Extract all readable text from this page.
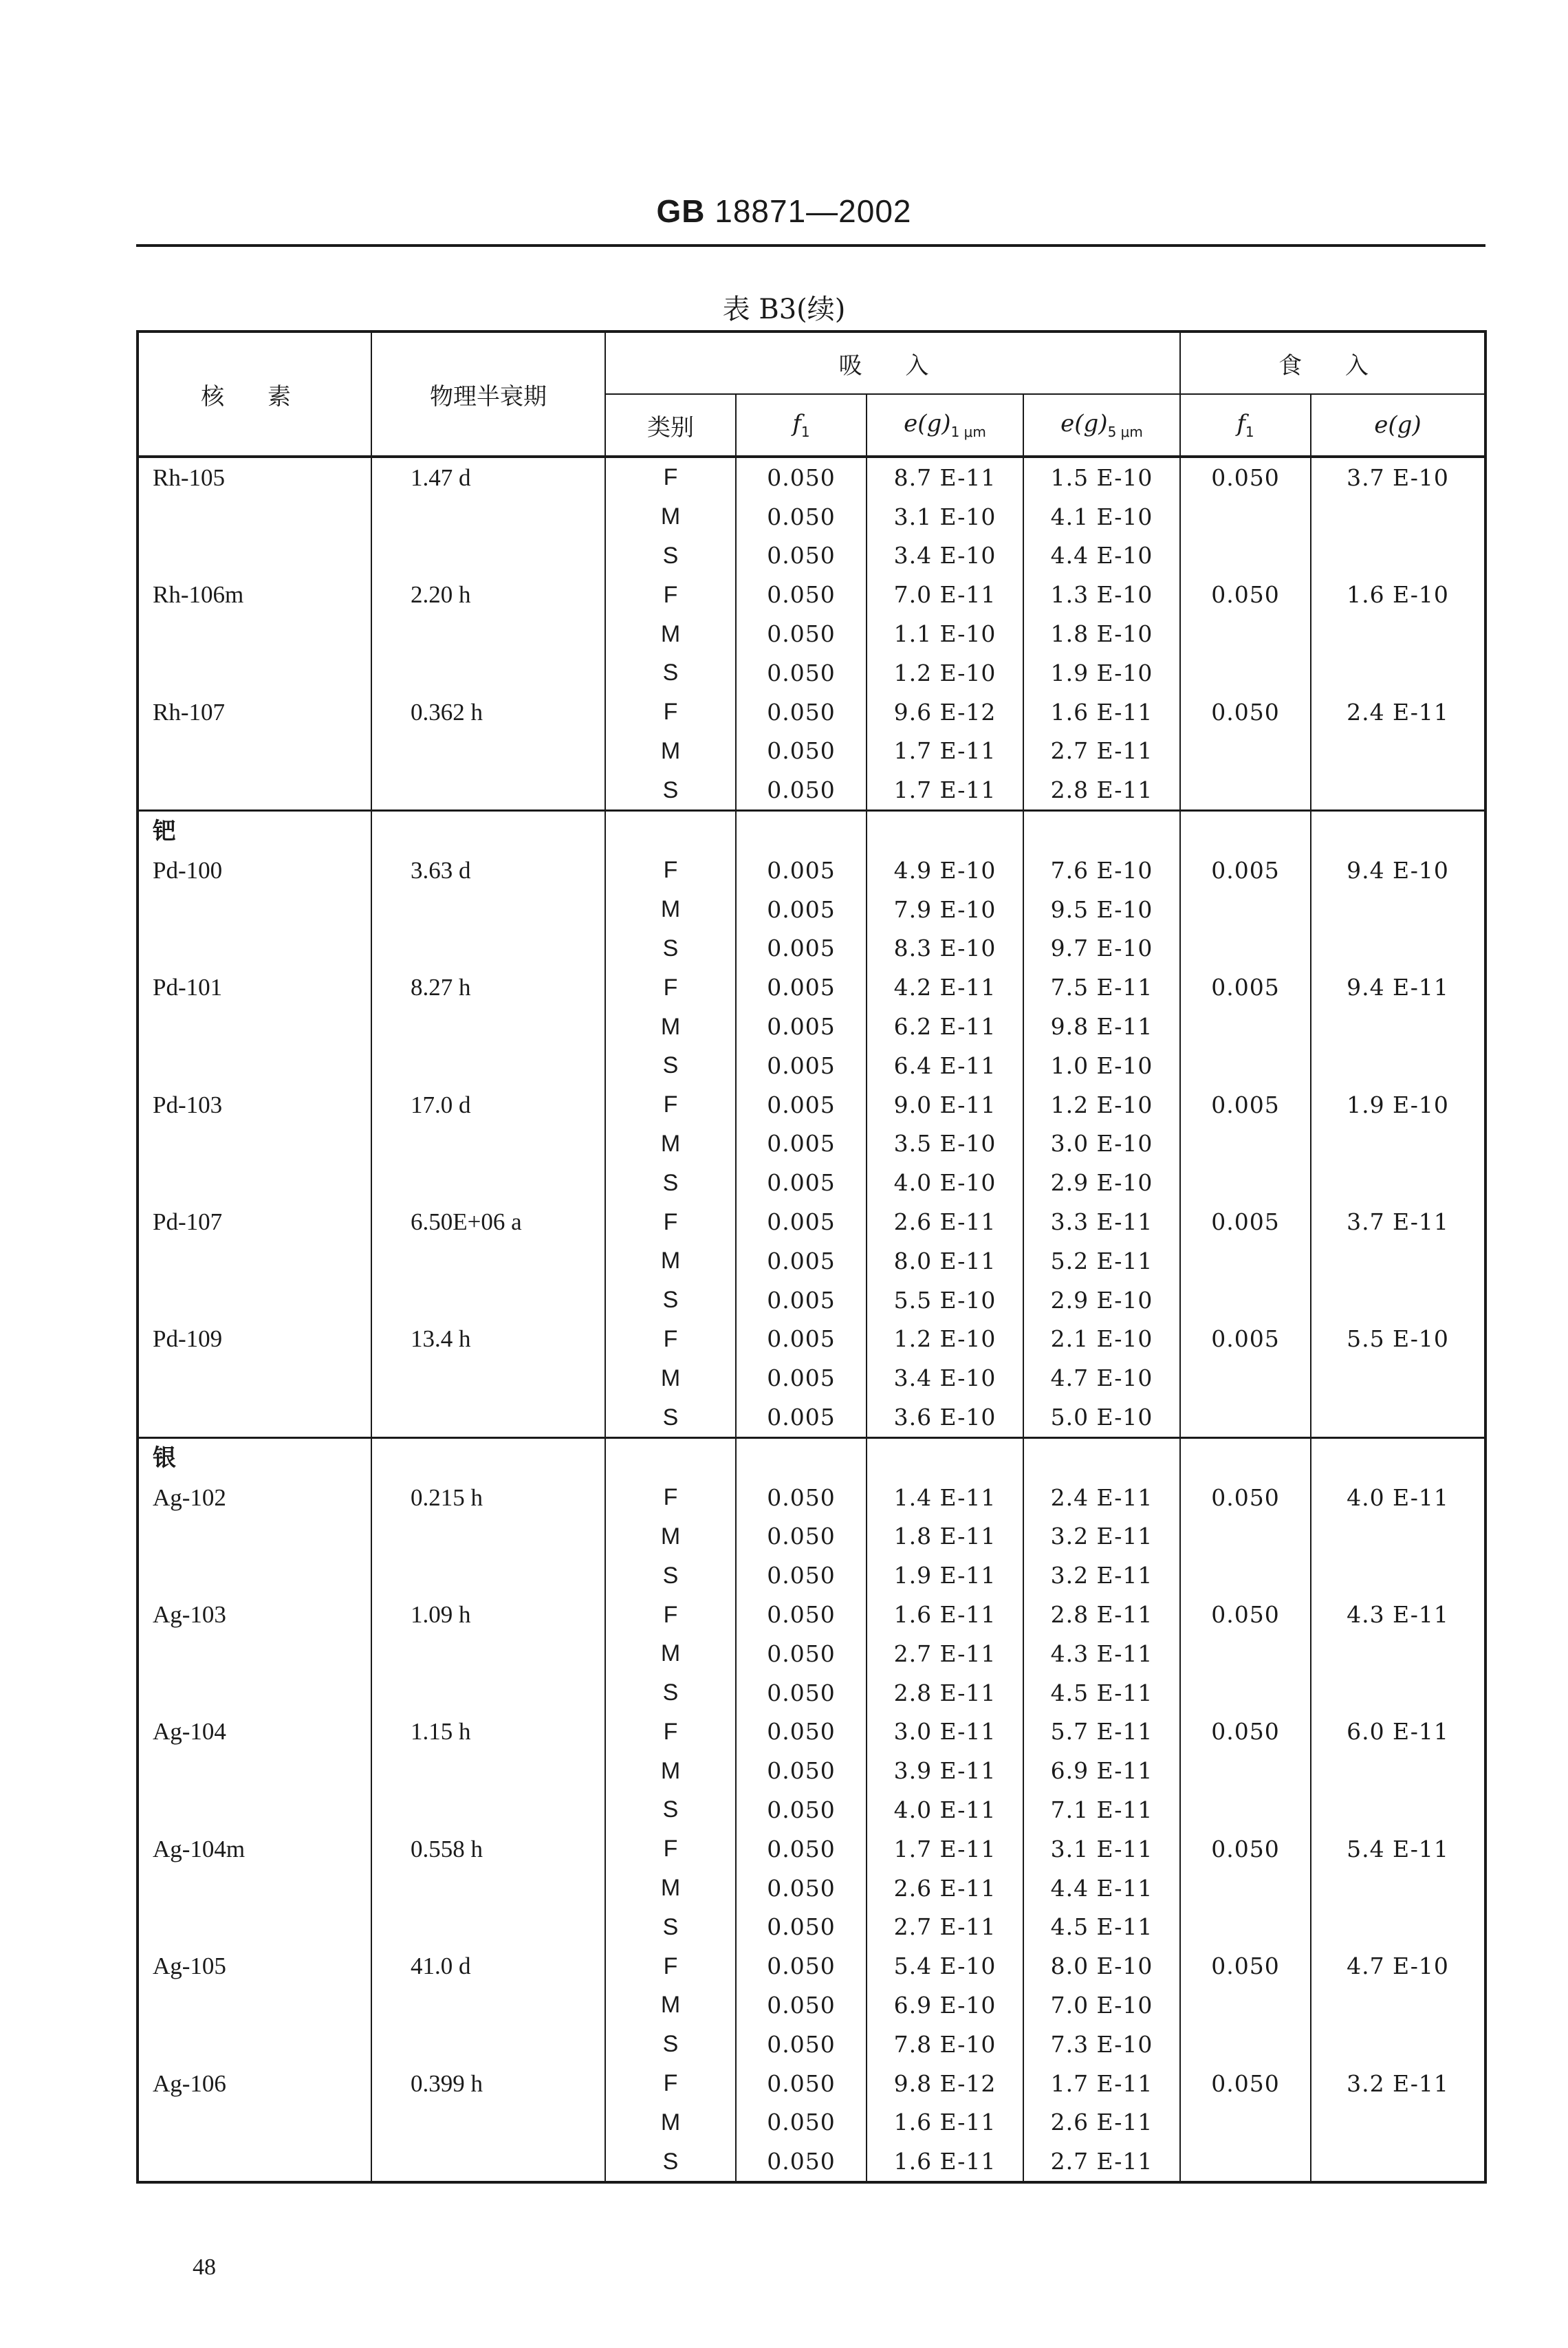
GB 18871—2002
表 B3(续)
核 素	物理半衰期	吸 入				食 入	
		类别	$f_1$	$e(g)_{1 \mu m}$	$e(g)_{5 \mu m}$	$f_1$	e(g)
Rh-105	1.47 d	F	0.050	8.7 E-11	1.5 E-10	0.050	3.7 E-10
		M	0.050	3.1 E-10	4.1 E-10		
		S	0.050	3.4 E-10	4.4 E-10		
Rh-106m	2.20 h	F	0.050	7.0 E-11	1.3 E-10	0.050	1.6 E-10
		M	0.050	1.1 E-10	1.8 E-10		
		S	0.050	1.2 E-10	1.9 E-10		
Rh-107	0.362 h	F	0.050	9.6 E-12	1.6 E-11	0.050	2.4 E-11
		M	0.050	1.7 E-11	2.7 E-11		
		S	0.050	1.7 E-11	2.8 E-11		
钯							
Pd-100	3.63 d	F	0.005	4.9 E-10	7.6 E-10	0.005	9.4 E-10
		M	0.005	7.9 E-10	9.5 E-10		
		S	0.005	8.3 E-10	9.7 E-10		
Pd-101	8.27 h	F	0.005	4.2 E-11	7.5 E-11	0.005	9.4 E-11
		M	0.005	6.2 E-11	9.8 E-11		
		S	0.005	6.4 E-11	1.0 E-10		
Pd-103	17.0 d	F	0.005	9.0 E-11	1.2 E-10	0.005	1.9 E-10
		M	0.005	3.5 E-10	3.0 E-10		
		S	0.005	4.0 E-10	2.9 E-10		
Pd-107	6.50E+06 a	F	0.005	2.6 E-11	3.3 E-11	0.005	3.7 E-11
		M	0.005	8.0 E-11	5.2 E-11		
		S	0.005	5.5 E-10	2.9 E-10		
Pd-109	13.4 h	F	0.005	1.2 E-10	2.1 E-10	0.005	5.5 E-10
		M	0.005	3.4 E-10	4.7 E-10		
		S	0.005	3.6 E-10	5.0 E-10		
银							
Ag-102	0.215 h	F	0.050	1.4 E-11	2.4 E-11	0.050	4.0 E-11
		M	0.050	1.8 E-11	3.2 E-11		
		S	0.050	1.9 E-11	3.2 E-11		
Ag-103	1.09 h	F	0.050	1.6 E-11	2.8 E-11	0.050	4.3 E-11
		M	0.050	2.7 E-11	4.3 E-11		
		S	0.050	2.8 E-11	4.5 E-11		
Ag-104	1.15 h	F	0.050	3.0 E-11	5.7 E-11	0.050	6.0 E-11
		M	0.050	3.9 E-11	6.9 E-11		
		S	0.050	4.0 E-11	7.1 E-11		
Ag-104m	0.558 h	F	0.050	1.7 E-11	3.1 E-11	0.050	5.4 E-11
		M	0.050	2.6 E-11	4.4 E-11		
		S	0.050	2.7 E-11	4.5 E-11		
Ag-105	41.0 d	F	0.050	5.4 E-10	8.0 E-10	0.050	4.7 E-10
		M	0.050	6.9 E-10	7.0 E-10		
		S	0.050	7.8 E-10	7.3 E-10		
Ag-106	0.399 h	F	0.050	9.8 E-12	1.7 E-11	0.050	3.2 E-11
		M	0.050	1.6 E-11	2.6 E-11		
		S	0.050	1.6 E-11	2.7 E-11		
48
